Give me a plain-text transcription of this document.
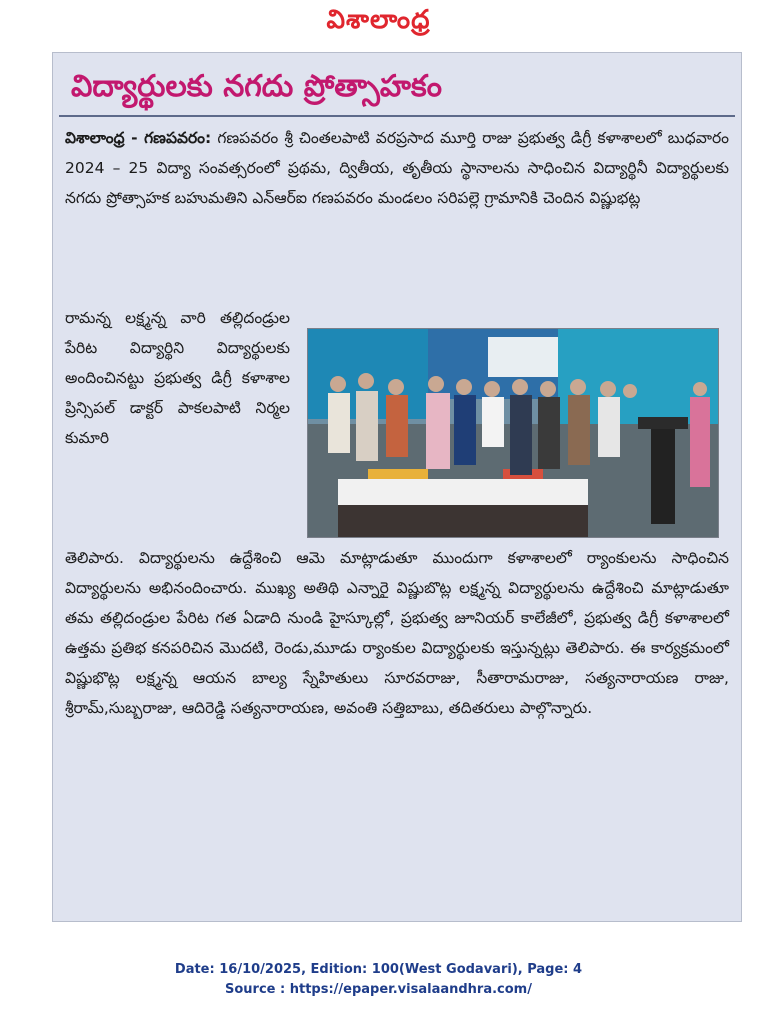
విశాలాంధ్ర
విద్యార్థులకు నగదు ప్రోత్సాహకం
విశాలాంధ్ర - గణపవరం: గణపవరం శ్రీ చింతలపాటి వరప్రసాద మూర్తి రాజు ప్రభుత్వ డిగ్రీ కళాశాలలో బుధవారం 2024 – 25 విద్యా సంవత్సరంలో ప్రథమ, ద్వితీయ, తృతీయ స్థానాలను సాధించిన విద్యార్థినీ విద్యార్థులకు నగదు ప్రోత్సాహక బహుమతిని ఎన్‌ఆర్‌ఐ గణపవరం మండలం సరిపల్లె గ్రామానికి చెందిన విష్ణుభట్ల
రామన్న లక్ష్మన్న వారి తల్లిదండ్రుల పేరిట విద్యార్థిని విద్యార్థులకు అందించినట్టు ప్రభుత్వ డిగ్రీ కళాశాల ప్రిన్సిపల్ డాక్టర్ పాకలపాటి నిర్మల కుమారి
తెలిపారు. విద్యార్థులను ఉద్దేశించి ఆమె మాట్లాడుతూ ముందుగా కళాశాలలో ర్యాంకులను సాధించిన విద్యార్థులను అభినందించారు. ముఖ్య అతిథి ఎన్నారై విష్ణుబొట్ల లక్ష్మన్న విద్యార్థులను ఉద్దేశించి మాట్లాడుతూ తమ తల్లిదండ్రుల పేరిట గత ఏడాది నుండి హైస్కూల్లో, ప్రభుత్వ జూనియర్ కాలేజీలో, ప్రభుత్వ డిగ్రీ కళాశాలలో ఉత్తమ ప్రతిభ కనపరిచిన మొదటి, రెండు,మూడు ర్యాంకుల విద్యార్థులకు ఇస్తున్నట్లు తెలిపారు. ఈ కార్యక్రమంలో విష్ణుభొట్ల లక్ష్మన్న ఆయన బాల్య స్నేహితులు సూరవరాజు, సీతారామరాజు, సత్యనారాయణ రాజు, శ్రీరామ్,సుబ్బరాజు, ఆదిరెడ్డి సత్యనారాయణ, అవంతి సత్తిబాబు, తదితరులు పాల్గొన్నారు.
Date: 16/10/2025, Edition: 100(West Godavari), Page: 4
Source : https://epaper.visalaandhra.com/
